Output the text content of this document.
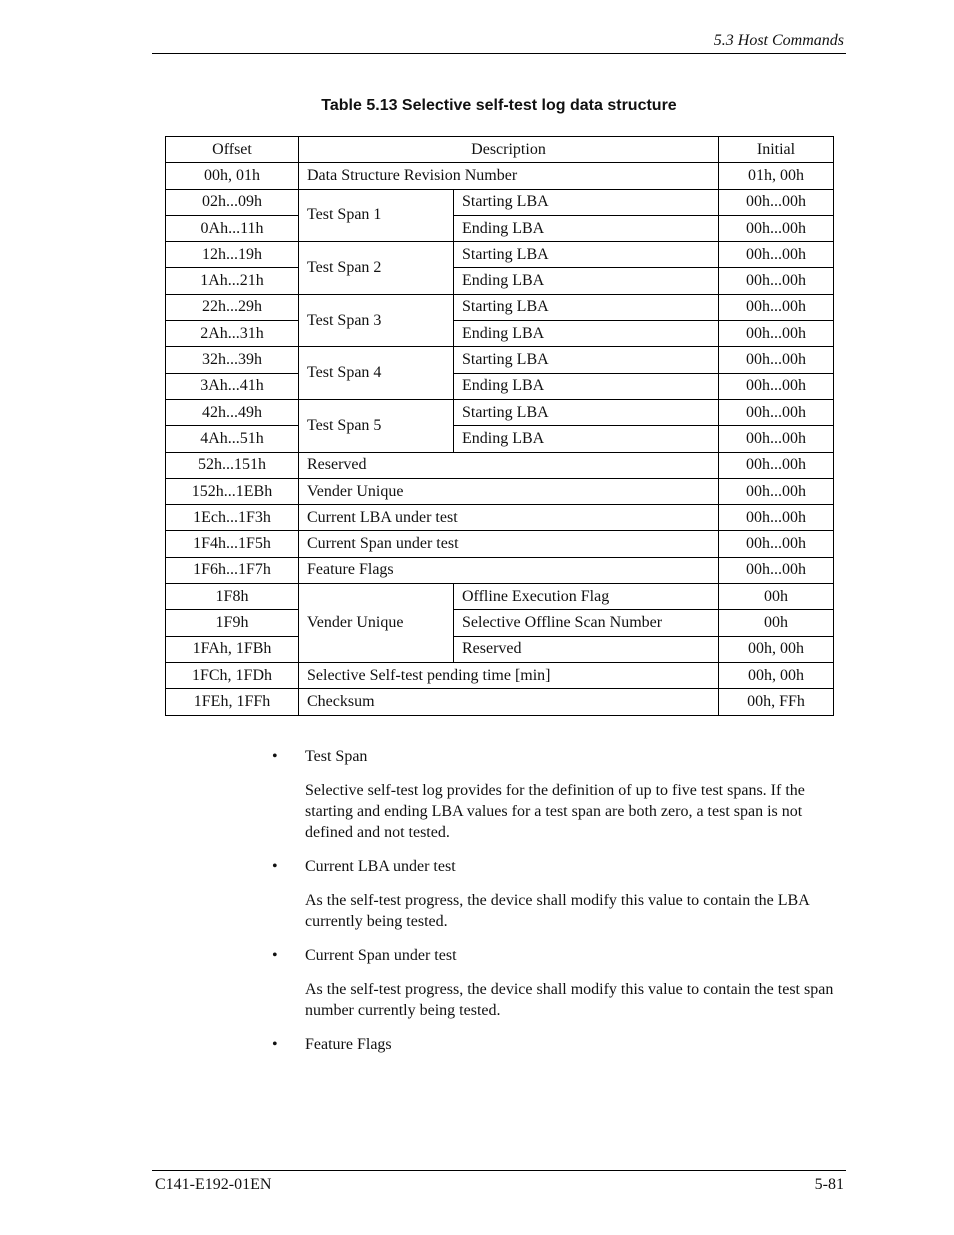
5.3 Host Commands
Table 5.13 Selective self-test log data structure
Offset	Description		Initial
00h, 01h	Data Structure Revision Number		01h, 00h
02h...09h	Test Span 1	Starting LBA	00h...00h
0Ah...11h		Ending LBA	00h...00h
12h...19h	Test Span 2	Starting LBA	00h...00h
1Ah...21h		Ending LBA	00h...00h
22h...29h	Test Span 3	Starting LBA	00h...00h
2Ah...31h		Ending LBA	00h...00h
32h...39h	Test Span 4	Starting LBA	00h...00h
3Ah...41h		Ending LBA	00h...00h
42h...49h	Test Span 5	Starting LBA	00h...00h
4Ah...51h		Ending LBA	00h...00h
52h...151h	Reserved		00h...00h
152h...1EBh	Vender Unique		00h...00h
1Ech...1F3h	Current LBA under test		00h...00h
1F4h...1F5h	Current Span under test		00h...00h
1F6h...1F7h	Feature Flags		00h...00h
1F8h	Vender Unique	Offline Execution Flag	00h
1F9h		Selective Offline Scan Number	00h
1FAh, 1FBh		Reserved	00h, 00h
1FCh, 1FDh	Selective Self-test pending time [min]		00h, 00h
1FEh, 1FFh	Checksum		00h, FFh
• Test Span
Selective self-test log provides for the definition of up to five test spans. If the starting and ending LBA values for a test span are both zero, a test span is not defined and not tested.
• Current LBA under test
As the self-test progress, the device shall modify this value to contain the LBA currently being tested.
• Current Span under test
As the self-test progress, the device shall modify this value to contain the test span number currently being tested.
• Feature Flags
C141-E192-01EN	5-81
